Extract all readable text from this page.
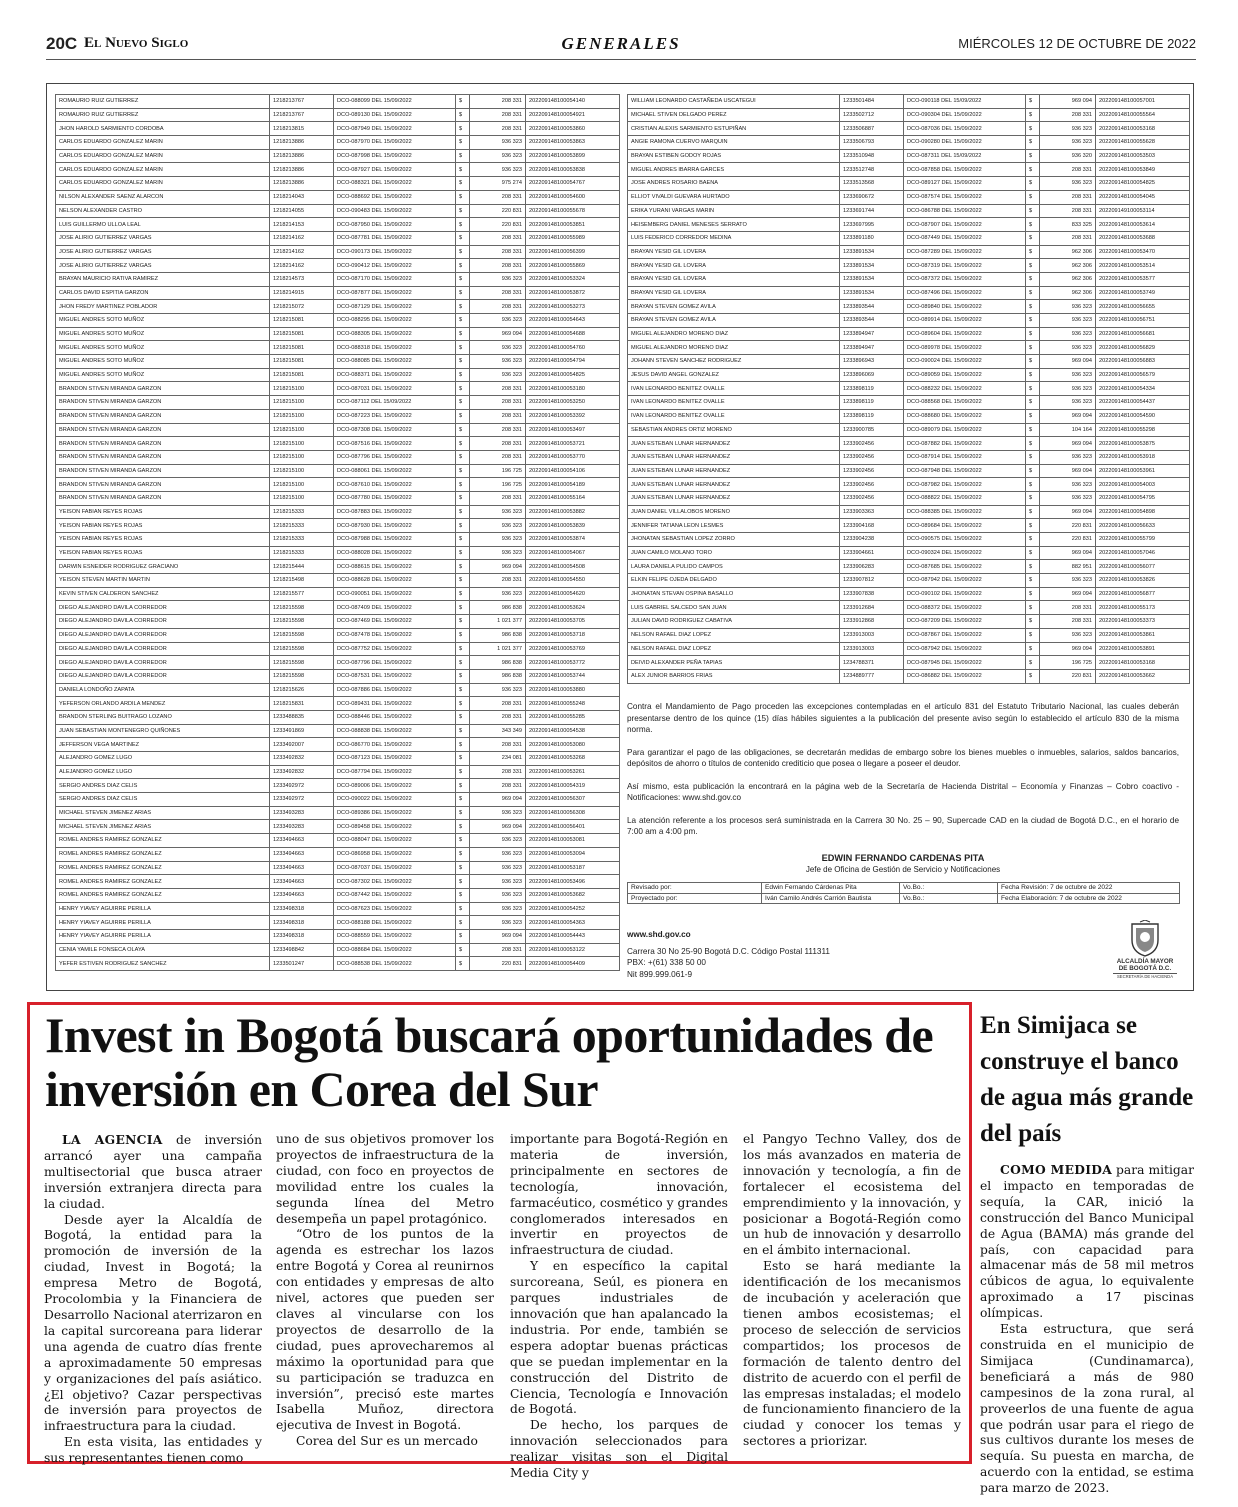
20C El Nuevo Siglo	GENERALES	MIÉRCOLES 12 DE OCTUBRE DE 2022
ROMAURIO RUIZ GUTIERREZ	1218213767	DCO-088099 DEL 15/09/2022	$	208 331	202209148100054140
ROMAURIO RUIZ GUTIERREZ	1218213767	DCO-089130 DEL 15/09/2022	$	208 331	202209148100054921
JHON HAROLD SARMIENTO CORDOBA	1218213815	DCO-087949 DEL 15/09/2022	$	208 331	202209148100053860
CARLOS EDUARDO GONZALEZ MARIN	1218213886	DCO-087970 DEL 15/09/2022	$	936 323	202209148100053863
CARLOS EDUARDO GONZALEZ MARIN	1218213886	DCO-087998 DEL 15/09/2022	$	936 323	202209148100053899
CARLOS EDUARDO GONZALEZ MARIN	1218213886	DCO-087927 DEL 15/09/2022	$	936 323	202209148100053838
CARLOS EDUARDO GONZALEZ MARIN	1218213886	DCO-088321 DEL 15/09/2022	$	975 274	202209148100054767
NILSON ALEXANDER SAENZ ALARCON	1218214043	DCO-088692 DEL 15/09/2022	$	208 331	202209148100054600
NELSON ALEXANDER CASTRO	1218214055	DCO-090483 DEL 15/09/2022	$	220 831	202209148100055678
LUIS GUILLERMO ULLOA LEAL	1218214153	DCO-087950 DEL 15/09/2022	$	220 831	202209148100053851
JOSE ALIRIO GUTIERREZ VARGAS	1218214162	DCO-087781 DEL 15/09/2022	$	208 331	202209148100055989
JOSE ALIRIO GUTIERREZ VARGAS	1218214162	DCO-090173 DEL 15/09/2022	$	208 331	202209148100056399
JOSE ALIRIO GUTIERREZ VARGAS	1218214162	DCO-090412 DEL 15/09/2022	$	208 331	202209148100055869
BRAYAN MAURICIO RATIVA RAMIREZ	1218214573	DCO-087170 DEL 15/09/2022	$	936 323	202209148100053324
CARLOS DAVID ESPITIA GARZON	1218214915	DCO-087877 DEL 15/09/2022	$	208 331	202209148100053872
JHON FREDY MARTINEZ POBLADOR	1218215072	DCO-087129 DEL 15/09/2022	$	208 331	202209148100053273
MIGUEL ANDRES SOTO MUÑOZ	1218215081	DCO-088295 DEL 15/09/2022	$	936 323	202209148100054643
MIGUEL ANDRES SOTO MUÑOZ	1218215081	DCO-088305 DEL 15/09/2022	$	969 094	202209148100054688
MIGUEL ANDRES SOTO MUÑOZ	1218215081	DCO-088318 DEL 15/09/2022	$	936 323	202209148100054760
MIGUEL ANDRES SOTO MUÑOZ	1218215081	DCO-088085 DEL 15/09/2022	$	936 323	202209148100054794
MIGUEL ANDRES SOTO MUÑOZ	1218215081	DCO-088371 DEL 15/09/2022	$	936 323	202209148100054825
BRANDON STIVEN MIRANDA GARZON	1218215100	DCO-087031 DEL 15/09/2022	$	208 331	202209148100053180
BRANDON STIVEN MIRANDA GARZON	1218215100	DCO-087112 DEL 15/09/2022	$	208 331	202209148100053250
BRANDON STIVEN MIRANDA GARZON	1218215100	DCO-087223 DEL 15/09/2022	$	208 331	202209148100053392
BRANDON STIVEN MIRANDA GARZON	1218215100	DCO-087308 DEL 15/09/2022	$	208 331	202209148100053497
BRANDON STIVEN MIRANDA GARZON	1218215100	DCO-087516 DEL 15/09/2022	$	208 331	202209148100053721
BRANDON STIVEN MIRANDA GARZON	1218215100	DCO-087796 DEL 15/09/2022	$	208 331	202209148100053770
BRANDON STIVEN MIRANDA GARZON	1218215100	DCO-088061 DEL 15/09/2022	$	196 725	202209148100054106
BRANDON STIVEN MIRANDA GARZON	1218215100	DCO-087610 DEL 15/09/2022	$	196 725	202209148100054189
BRANDON STIVEN MIRANDA GARZON	1218215100	DCO-087780 DEL 15/09/2022	$	208 331	202209148100055164
YEISON FABIAN REYES ROJAS	1218215333	DCO-087883 DEL 15/09/2022	$	936 323	202209148100053882
YEISON FABIAN REYES ROJAS	1218215333	DCO-087930 DEL 15/09/2022	$	936 323	202209148100053839
YEISON FABIAN REYES ROJAS	1218215333	DCO-087988 DEL 15/09/2022	$	936 323	202209148100053874
YEISON FABIAN REYES ROJAS	1218215333	DCO-088028 DEL 15/09/2022	$	936 323	202209148100054067
DARWIN ESNEIDER RODRIGUEZ GRACIANO	1218215444	DCO-088615 DEL 15/09/2022	$	969 094	202209148100054508
YEISON STEVEN MARTIN MARTIN	1218215498	DCO-088628 DEL 15/09/2022	$	208 331	202209148100054550
KEVIN STIVEN CALDERON SANCHEZ	1218215577	DCO-090051 DEL 15/09/2022	$	936 323	202209148100054620
DIEGO ALEJANDRO DAVILA CORREDOR	1218215598	DCO-087409 DEL 15/09/2022	$	986 838	202209148100053624
DIEGO ALEJANDRO DAVILA CORREDOR	1218215598	DCO-087469 DEL 15/09/2022	$	1 021 377	202209148100053705
DIEGO ALEJANDRO DAVILA CORREDOR	1218215598	DCO-087478 DEL 15/09/2022	$	986 838	202209148100053718
DIEGO ALEJANDRO DAVILA CORREDOR	1218215598	DCO-087752 DEL 15/09/2022	$	1 021 377	202209148100053769
DIEGO ALEJANDRO DAVILA CORREDOR	1218215598	DCO-087796 DEL 15/09/2022	$	986 838	202209148100053772
DIEGO ALEJANDRO DAVILA CORREDOR	1218215598	DCO-087531 DEL 15/09/2022	$	986 838	202209148100053744
DANIELA LONDOÑO ZAPATA	1218215626	DCO-087886 DEL 15/09/2022	$	936 323	202209148100053880
YEFERSON ORLANDO ARDILA MENDEZ	1218215831	DCO-089431 DEL 15/09/2022	$	208 331	202209148100055248
BRANDON STERLING BUITRAGO LOZANO	1233488835	DCO-088446 DEL 15/09/2022	$	208 331	202209148100055285
JUAN SEBASTIAN MONTENEGRO QUIÑONES	1233491869	DCO-088838 DEL 15/09/2022	$	343 349	202209148100054538
JEFFERSON VEGA MARTINEZ	1233492007	DCO-086770 DEL 15/09/2022	$	208 331	202209148100053080
ALEJANDRO GOMEZ LUGO	1233492832	DCO-087123 DEL 15/09/2022	$	234 081	202209148100053268
ALEJANDRO GOMEZ LUGO	1233492832	DCO-087794 DEL 15/09/2022	$	208 331	202209148100053261
SERGIO ANDRES DIAZ CELIS	1233492972	DCO-089006 DEL 15/09/2022	$	208 331	202209148100054319
SERGIO ANDRES DIAZ CELIS	1233492972	DCO-090022 DEL 15/09/2022	$	969 094	202209148100056307
MICHAEL STEVEN JIMENEZ ARIAS	1233493283	DCO-089386 DEL 15/09/2022	$	936 323	202209148100056308
MICHAEL STEVEN JIMENEZ ARIAS	1233493283	DCO-089458 DEL 15/09/2022	$	969 094	202209148100056401
ROMEL ANDRES RAMIREZ GONZALEZ	1233494663	DCO-088047 DEL 15/09/2022	$	936 323	202209148100053081
ROMEL ANDRES RAMIREZ GONZALEZ	1233494663	DCO-086958 DEL 15/09/2022	$	936 323	202209148100053094
ROMEL ANDRES RAMIREZ GONZALEZ	1233494663	DCO-087037 DEL 15/09/2022	$	936 323	202209148100053187
ROMEL ANDRES RAMIREZ GONZALEZ	1233494663	DCO-087302 DEL 15/09/2022	$	936 323	202209148100053496
ROMEL ANDRES RAMIREZ GONZALEZ	1233494663	DCO-087442 DEL 15/09/2022	$	936 323	202209148100053682
HENRY YIAVEY AGUIRRE PERILLA	1233498318	DCO-087623 DEL 15/09/2022	$	936 323	202209148100054252
HENRY YIAVEY AGUIRRE PERILLA	1233498318	DCO-088188 DEL 15/09/2022	$	936 323	202209148100054363
HENRY YIAVEY AGUIRRE PERILLA	1233498318	DCO-088559 DEL 15/09/2022	$	969 094	202209148100054443
CENIA YAMILE FONSECA OLAYA	1233498842	DCO-088684 DEL 15/09/2022	$	208 331	202209148100053122
YEFER ESTIVEN RODRIGUEZ SANCHEZ	1233501247	DCO-088538 DEL 15/09/2022	$	220 831	202209148100054409
WILLIAM LEONARDO CASTAÑEDA USCATEGUI	1233501484	DCO-090118 DEL 15/09/2022	$	969 094	202209148100057001
MICHAEL STIVEN DELGADO PEREZ	1233502712	DCO-090304 DEL 15/09/2022	$	208 331	202209148100055564
CRISTIAN ALEXIS SARMIENTO ESTUPIÑAN	1233506887	DCO-087036 DEL 15/09/2022	$	936 323	202209148100053168
ANGIE RAMONA CUERVO MARQUIN	1233506793	DCO-090280 DEL 15/09/2022	$	936 323	202209148100055628
BRAYAN ESTIBEN GODOY ROJAS	1233510948	DCO-087311 DEL 15/09/2022	$	936 320	202209148100053503
MIGUEL ANDRES IBARRA GARCES	1233512748	DCO-087858 DEL 15/09/2022	$	208 331	202209148100053849
JOSE ANDRES ROSARIO BAENA	1233513568	DCO-089127 DEL 15/09/2022	$	936 323	202209148100054825
ELLIOT VIVALDI GUEVARA HURTADO	1233690672	DCO-087574 DEL 15/09/2022	$	208 331	202209148100054045
ERIKA YURANI VARGAS MARIN	1233691744	DCO-086788 DEL 15/09/2022	$	208 331	202209149100053114
HEISEMBERG DANIEL MENESES SERRATO	1233697995	DCO-087907 DEL 15/09/2022	$	833 325	202209148100053614
LUIS FEDERICO CORREDOR MEDINA	1233891180	DCO-087449 DEL 15/09/2022	$	208 331	202209148100053688
BRAYAN YESID GIL LOVERA	1233891534	DCO-087289 DEL 15/09/2022	$	962 306	202209148100053470
BRAYAN YESID GIL LOVERA	1233891534	DCO-087319 DEL 15/09/2022	$	962 306	202209148100053514
BRAYAN YESID GIL LOVERA	1233891534	DCO-087372 DEL 15/09/2022	$	962 306	202209148100053577
BRAYAN YESID GIL LOVERA	1233891534	DCO-087496 DEL 15/09/2022	$	962 306	202209148100053749
BRAYAN STEVEN GOMEZ AVILA	1233893544	DCO-089840 DEL 15/09/2022	$	936 323	202209148100056655
BRAYAN STEVEN GOMEZ AVILA	1233893544	DCO-089914 DEL 15/09/2022	$	936 323	202209148100056751
MIGUEL ALEJANDRO MORENO DIAZ	1233894947	DCO-089604 DEL 15/09/2022	$	936 323	202209148100056681
MIGUEL ALEJANDRO MORENO DIAZ	1233894947	DCO-089978 DEL 15/09/2022	$	936 323	202209148100056829
JOHANN STEVEN SANCHEZ RODRIGUEZ	1233896943	DCO-090024 DEL 15/09/2022	$	969 094	202209148100056883
JESUS DAVID ANGEL GONZALEZ	1233896069	DCO-089059 DEL 15/09/2022	$	936 323	202209148100056579
IVAN LEONARDO BENITEZ OVALLE	1233898119	DCO-088232 DEL 15/09/2022	$	936 323	202209148100054334
IVAN LEONARDO BENITEZ OVALLE	1233898119	DCO-088568 DEL 15/09/2022	$	936 323	202209148100054437
IVAN LEONARDO BENITEZ OVALLE	1233898119	DCO-088680 DEL 15/09/2022	$	969 094	202209148100054590
SEBASTIAN ANDRES ORTIZ MORENO	1233900785	DCO-089079 DEL 15/09/2022	$	104 164	202209148100055298
JUAN ESTEBAN LUNAR HERNANDEZ	1233902456	DCO-087882 DEL 15/09/2022	$	969 094	202209148100053875
JUAN ESTEBAN LUNAR HERNANDEZ	1233902456	DCO-087914 DEL 15/09/2022	$	936 323	202209148100053918
JUAN ESTEBAN LUNAR HERNANDEZ	1233902456	DCO-087948 DEL 15/09/2022	$	969 094	202209148100053961
JUAN ESTEBAN LUNAR HERNANDEZ	1233902456	DCO-087982 DEL 15/09/2022	$	936 323	202209148100054003
JUAN ESTEBAN LUNAR HERNANDEZ	1233902456	DCO-088822 DEL 15/09/2022	$	936 323	202209148100054795
JUAN DANIEL VILLALOBOS MORENO	1233903363	DCO-088385 DEL 15/09/2022	$	969 094	202209148100054898
JENNIFER TATIANA LEON LESMES	1233904168	DCO-089684 DEL 15/09/2022	$	220 831	202209148100056633
JHONATAN SEBASTIAN LOPEZ ZORRO	1233904238	DCO-090575 DEL 15/09/2022	$	220 831	202209148100055799
JUAN CAMILO MOLANO TORO	1233904661	DCO-090324 DEL 15/09/2022	$	969 094	202209148100057046
LAURA DANIELA PULIDO CAMPOS	1233906283	DCO-087685 DEL 15/09/2022	$	882 951	202209148100056077
ELKIN FELIPE OJEDA DELGADO	1233907812	DCO-087942 DEL 15/09/2022	$	936 323	202209148100053826
JHONATAN STEVAN OSPINA BASALLO	1233907838	DCO-090102 DEL 15/09/2022	$	969 094	202209148100056877
LUIS GABRIEL SALCEDO SAN JUAN	1233912684	DCO-088372 DEL 15/09/2022	$	208 331	202209148100055173
JULIAN DAVID RODRIGUEZ CABATIVA	1233912868	DCO-087209 DEL 15/09/2022	$	208 331	202209148100053373
NELSON RAFAEL DIAZ LOPEZ	1233913003	DCO-087867 DEL 15/09/2022	$	936 323	202209148100053861
NELSON RAFAEL DIAZ LOPEZ	1233913003	DCO-087942 DEL 15/09/2022	$	969 094	202209148100053891
DEIVID ALEXANDER PEÑA TAPIAS	1234788371	DCO-087945 DEL 15/09/2022	$	196 725	202209148100053168
ALEX JUNIOR BARRIOS FRIAS	1234889777	DCO-086882 DEL 15/09/2022	$	220 831	202209148100053662

Contra el Mandamiento de Pago proceden las excepciones contempladas en el artículo 831 del Estatuto Tributario Nacional, las cuales deberán presentarse dentro de los quince (15) días hábiles siguientes a la publicación del presente aviso según lo establecido el artículo 830 de la misma norma.

Para garantizar el pago de las obligaciones, se decretarán medidas de embargo sobre los bienes muebles o inmuebles, salarios, saldos bancarios, depósitos de ahorro o títulos de contenido crediticio que posea o llegare a poseer el deudor.

Así mismo, esta publicación la encontrará en la página web de la Secretaría de Hacienda Distrital – Economía y Finanzas – Cobro coactivo - Notificaciones: www.shd.gov.co

La atención referente a los procesos será suministrada en la Carrera 30 No. 25 – 90, Supercade CAD en la ciudad de Bogotá D.C., en el horario de 7:00 am a 4:00 pm.

EDWIN FERNANDO CARDENAS PITA
Jefe de Oficina de Gestión de Servicio y Notificaciones
Revisado por:	Edwin Fernando Cárdenas Pita	Vo.Bo.:	Fecha Revisión: 7 de octubre de 2022
Proyectado por:	Iván Camilo Andrés Carrión Bautista	Vo.Bo.:	Fecha Elaboración: 7 de octubre de 2022
www.shd.gov.co
Carrera 30 No 25-90 Bogotá D.C. Código Postal 111311
PBX: +(61) 338 50 00
Nit 899.999.061-9
ALCALDÍA MAYOR
DE BOGOTÁ D.C.
SECRETARÍA DE HACIENDA
Invest in Bogotá buscará oportunidades de inversión en Corea del Sur

LA AGENCIA de inversión arrancó ayer una campaña multisectorial que busca atraer inversión extranjera directa para la ciudad.

Desde ayer la Alcaldía de Bogotá, la entidad para la promoción de inversión de la ciudad, Invest in Bogotá; la empresa Metro de Bogotá, Procolombia y la Financiera de Desarrollo Nacional aterrizaron en la capital surcoreana para liderar una agenda de cuatro días frente a aproximadamente 50 empresas y organizaciones del país asiático. ¿El objetivo? Cazar perspectivas de inversión para proyectos de infraestructura para la ciudad.

En esta visita, las entidades y sus representantes tienen como

uno de sus objetivos promover los proyectos de infraestructura de la ciudad, con foco en proyectos de movilidad entre los cuales la segunda línea del Metro desempeña un papel protagónico.

“Otro de los puntos de la agenda es estrechar los lazos entre Bogotá y Corea al reunirnos con entidades y empresas de alto nivel, actores que pueden ser claves al vincularse con los proyectos de desarrollo de la ciudad, pues aprovecharemos al máximo la oportunidad para que su participación se traduzca en inversión”, precisó este martes Isabella Muñoz, directora ejecutiva de Invest in Bogotá.

Corea del Sur es un mercado

importante para Bogotá-Región en materia de inversión, principalmente en sectores de tecnología, innovación, farmacéutico, cosmético y grandes conglomerados interesados en invertir en proyectos de infraestructura de ciudad.

Y en específico la capital surcoreana, Seúl, es pionera en parques industriales de innovación que han apalancado la industria. Por ende, también se espera adoptar buenas prácticas que se puedan implementar en la construcción del Distrito de Ciencia, Tecnología e Innovación de Bogotá.

De hecho, los parques de innovación seleccionados para realizar visitas son el Digital Media City y

el Pangyo Techno Valley, dos de los más avanzados en materia de innovación y tecnología, a fin de fortalecer el ecosistema del emprendimiento y la innovación, y posicionar a Bogotá-Región como un hub de innovación y desarrollo en el ámbito internacional.

Esto se hará mediante la identificación de los mecanismos de incubación y aceleración que tienen ambos ecosistemas; el proceso de selección de servicios compartidos; los procesos de formación de talento dentro del distrito de acuerdo con el perfil de las empresas instaladas; el modelo de funcionamiento financiero de la ciudad y conocer los temas y sectores a priorizar.

En Simijaca se construye el banco de agua más grande del país

COMO MEDIDA para mitigar el impacto en temporadas de sequía, la CAR, inició la construcción del Banco Municipal de Agua (BAMA) más grande del país, con capacidad para almacenar más de 58 mil metros cúbicos de agua, lo equivalente aproximado a 17 piscinas olímpicas.

Esta estructura, que será construida en el municipio de Simijaca (Cundinamarca), beneficiará a más de 980 campesinos de la zona rural, al proveerlos de una fuente de agua que podrán usar para el riego de sus cultivos durante los meses de sequía. Su puesta en marcha, de acuerdo con la entidad, se estima para marzo de 2023.
